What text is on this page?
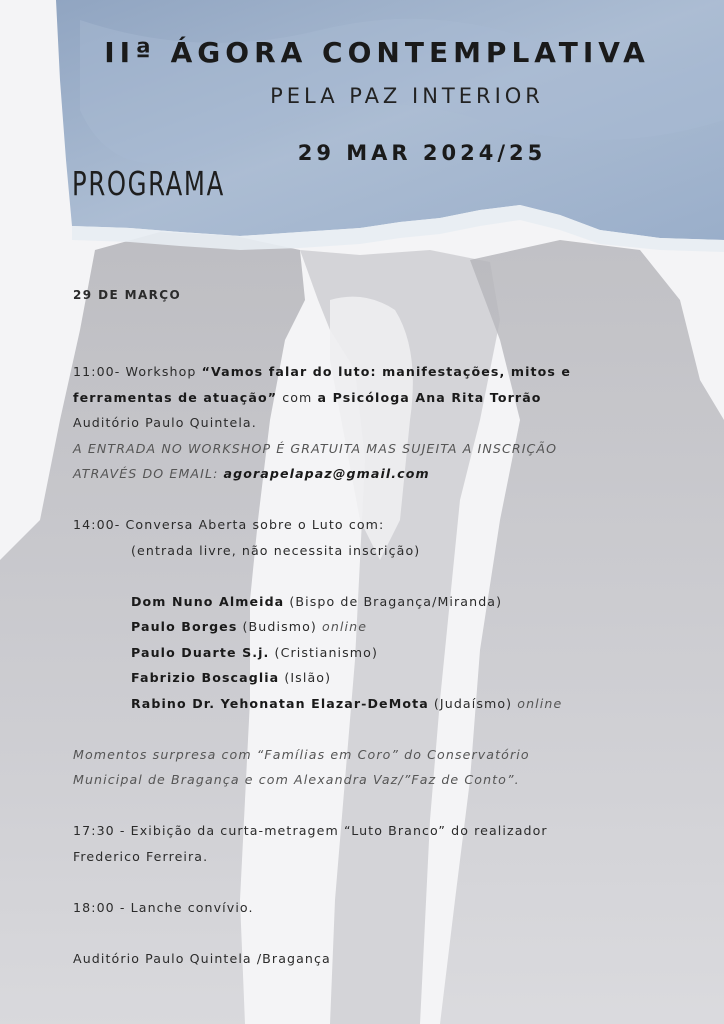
IIª ÁGORA CONTEMPLATIVA
PELA PAZ INTERIOR
29 MAR 2024/25
PROGRAMA

29 DE MARÇO

11:00- Workshop “Vamos falar do luto: manifestações, mitos e ferramentas de atuação” com a Psicóloga Ana Rita Torrão

Auditório Paulo Quintela.

A ENTRADA NO WORKSHOP É GRATUITA MAS SUJEITA A INSCRIÇÃO

ATRAVÉS DO EMAIL: agorapelapaz@gmail.com

14:00- Conversa Aberta sobre o Luto com:

(entrada livre, não necessita inscrição)

Dom Nuno Almeida (Bispo de Bragança/Miranda)

Paulo Borges (Budismo) online

Paulo Duarte S.j. (Cristianismo)

Fabrizio Boscaglia (Islão)

Rabino Dr. Yehonatan Elazar-DeMota (Judaísmo) online

Momentos surpresa com “Famílias em Coro” do Conservatório

Municipal de Bragança e com Alexandra Vaz/”Faz de Conto”.

17:30 - Exibição da curta-metragem “Luto Branco” do realizador

Frederico Ferreira.

18:00 - Lanche convívio.

Auditório Paulo Quintela /Bragança
